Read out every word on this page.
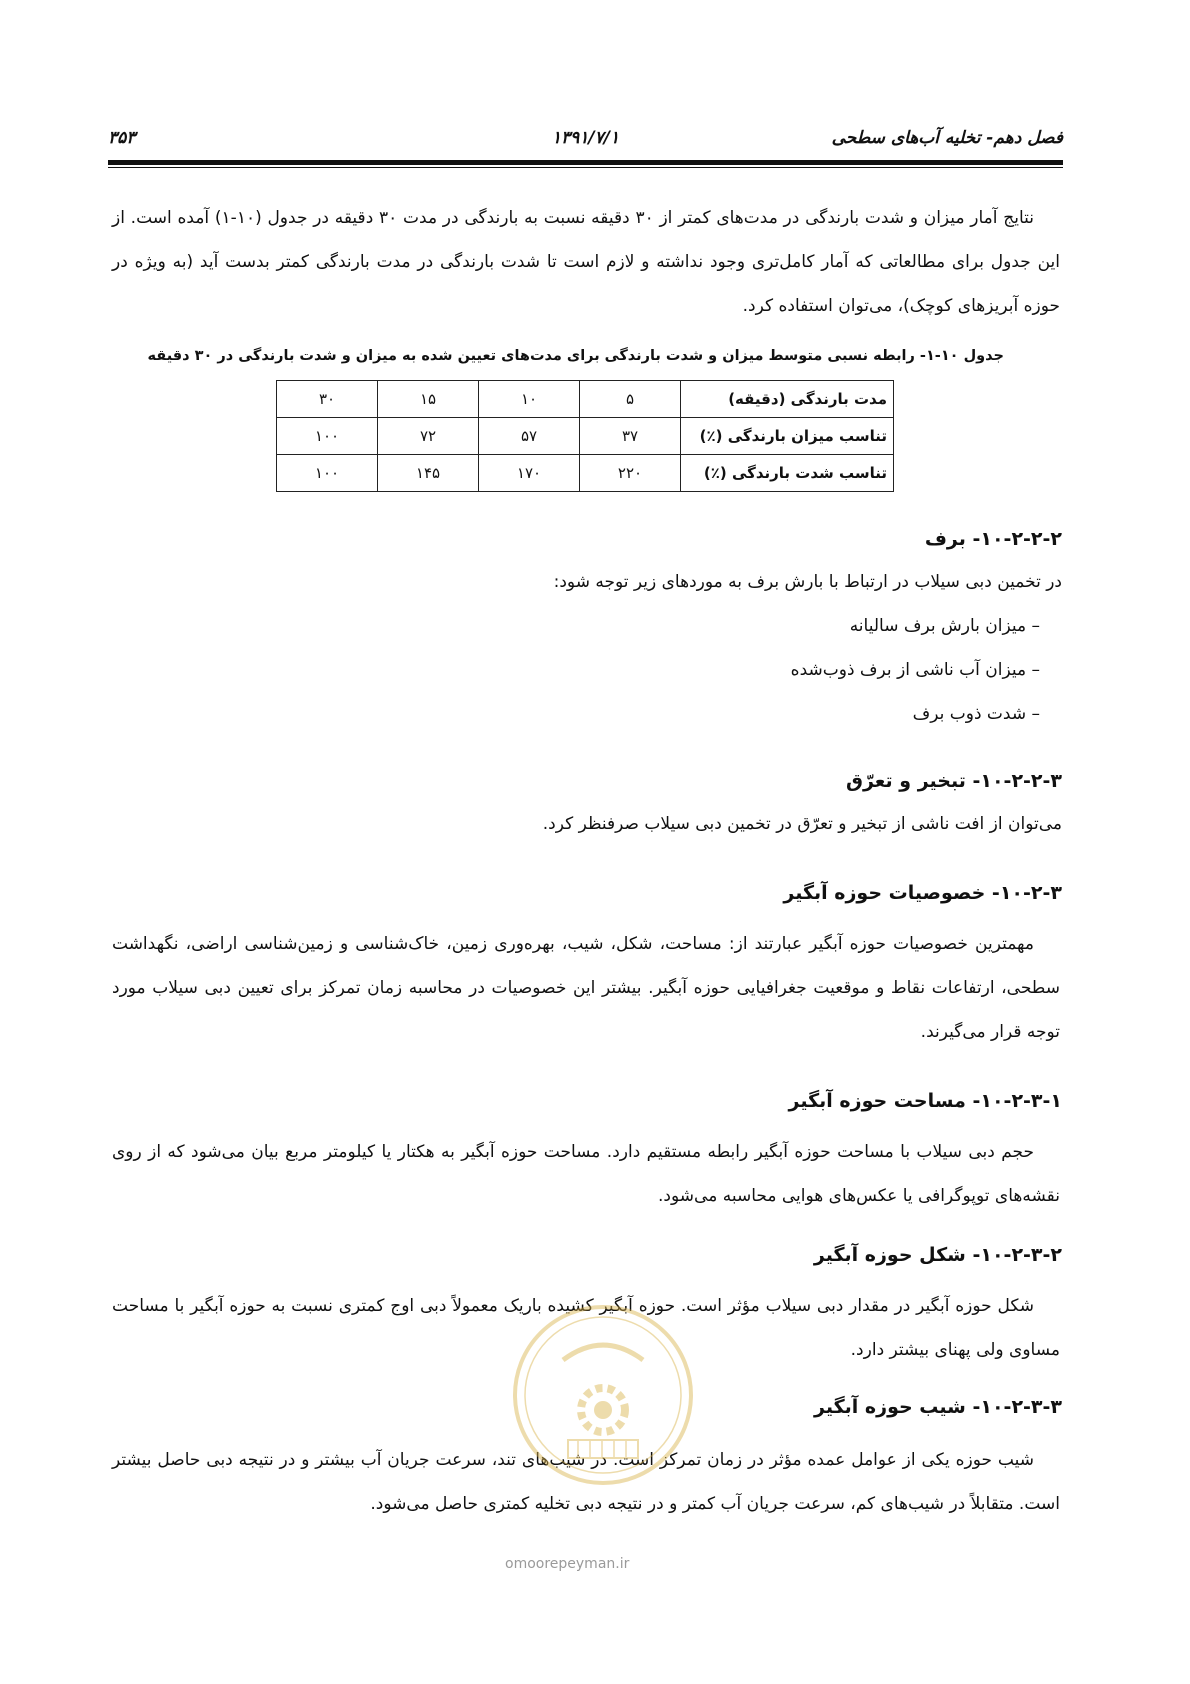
فصل دهم- تخلیه آب‌های سطحی
۱۳۹۱/۷/۱
۳۵۳
نتایج آمار میزان و شدت بارندگی در مدت‌های کمتر از ۳۰ دقیقه نسبت به بارندگی در مدت ۳۰ دقیقه در جدول (۱۰-۱) آمده است. از این جدول برای مطالعاتی که آمار کامل‌تری وجود نداشته و لازم است تا شدت بارندگی در مدت بارندگی کمتر بدست آید (به ویژه در حوزه آبریزهای کوچک)، می‌توان استفاده کرد.
جدول ۱۰-۱- رابطه نسبی متوسط میزان و شدت بارندگی برای مدت‌های تعیین شده به میزان و شدت بارندگی در ۳۰ دقیقه
مدت بارندگی (دقیقه)	۵	۱۰	۱۵	۳۰
تناسب میزان بارندگی (٪)	۳۷	۵۷	۷۲	۱۰۰
تناسب شدت بارندگی (٪)	۲۲۰	۱۷۰	۱۴۵	۱۰۰
۱۰-۲-۲-۲- برف
در تخمین دبی سیلاب در ارتباط با بارش برف به موردهای زیر توجه شود:
– میزان بارش برف سالیانه
– میزان آب ناشی از برف ذوب‌شده
– شدت ذوب برف
۱۰-۲-۲-۳- تبخیر و تعرّق
می‌توان از افت ناشی از تبخیر و تعرّق در تخمین دبی سیلاب صرفنظر کرد.
۱۰-۲-۳- خصوصیات حوزه آبگیر
مهمترین خصوصیات حوزه آبگیر عبارتند از: مساحت، شکل، شیب، بهره‌وری زمین، خاک‌شناسی و زمین‌شناسی اراضی، نگهداشت سطحی، ارتفاعات نقاط و موقعیت جغرافیایی حوزه آبگیر. بیشتر این خصوصیات در محاسبه زمان تمرکز برای تعیین دبی سیلاب مورد توجه قرار می‌گیرند.
۱۰-۲-۳-۱- مساحت حوزه آبگیر
حجم دبی سیلاب با مساحت حوزه آبگیر رابطه مستقیم دارد. مساحت حوزه آبگیر به هکتار یا کیلومتر مربع بیان می‌شود که از روی نقشه‌های توپوگرافی یا عکس‌های هوایی محاسبه می‌شود.
۱۰-۲-۳-۲- شکل حوزه آبگیر
شکل حوزه آبگیر در مقدار دبی سیلاب مؤثر است. حوزه آبگیر کشیده باریک معمولاً دبی اوج کمتری نسبت به حوزه آبگیر با مساحت مساوی ولی پهنای بیشتر دارد.
۱۰-۲-۳-۳- شیب حوزه آبگیر
شیب حوزه یکی از عوامل عمده مؤثر در زمان تمرکز است. در شیب‌های تند، سرعت جریان آب بیشتر و در نتیجه دبی حاصل بیشتر است. متقابلاً در شیب‌های کم، سرعت جریان آب کمتر و در نتیجه دبی تخلیه کمتری حاصل می‌شود.
omoorepeyman.ir
